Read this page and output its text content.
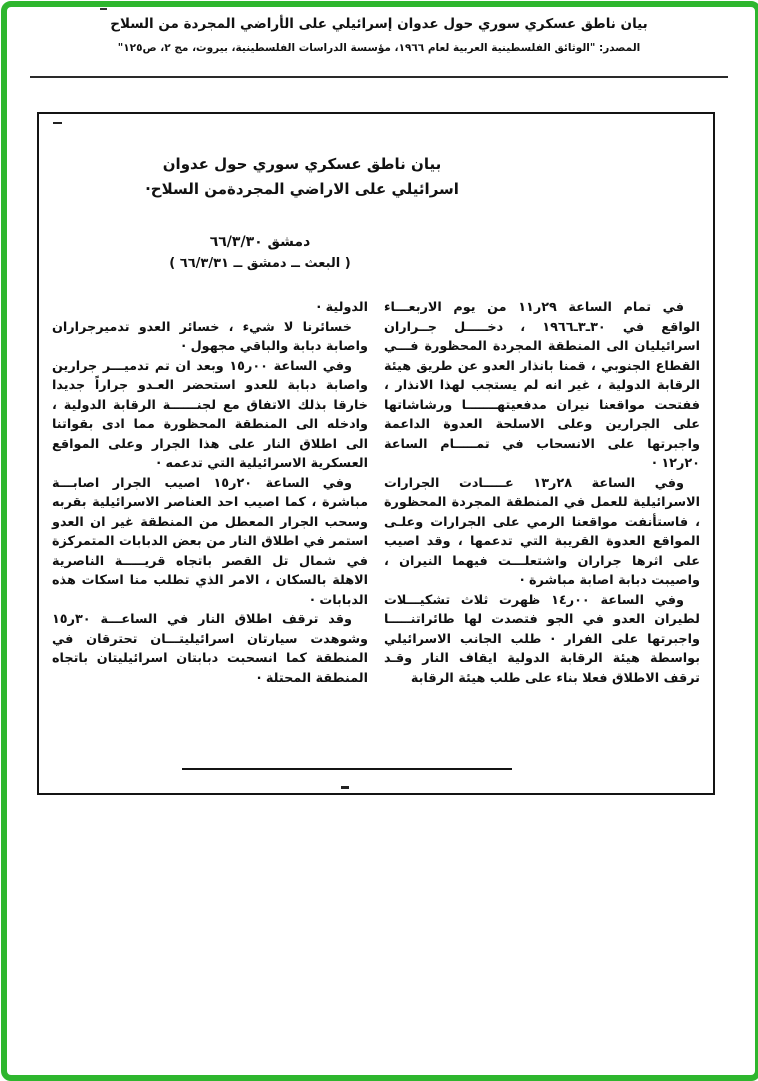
بيان ناطق عسكري سوري حول عدوان إسرائيلي على الأراضي المجردة من السلاح
المصدر: "الوثائق الفلسطينية العربية لعام ١٩٦٦، مؤسسة الدراسات الفلسطينية، بيروت، مج ٢، ص١٢٥"
بيان ناطق عسكري سوري حول عدوان
اسرائيلي على الاراضي المجردةمن السلاح·
دمشق ٦٦/٣/٣٠
( البعث ــ دمشق ــ ٦٦/٣/٣١ )

في تمام الساعة ٢٩ر١١ من يوم الاربعـــاء الواقع في ٣٠ـ٣ـ١٩٦٦ ، دخـــــل جــراران اسرائيليان الى المنطقة المجردة المحظورة فـــي القطاع الجنوبي ، قمنا بانذار العدو عن طريق هيئة الرقابة الدولية ، غير انه لم يستجب لهذا الانذار ، ففتحت مواقعنا نيران مدفعيتهـــــــا ورشاشاتها على الجرارين وعلى الاسلحة العدوة الداعمة واجبرتها على الانسحاب في تمـــــام الساعة ٢٠ر١٢ ·

وفي الساعة ٢٨ر١٣ عـــــادت الجرارات الاسرائيلية للعمل في المنطقة المجردة المحظورة ، فاستأنفت مواقعنا الرمي على الجرارات وعلـى المواقع العدوة القريبة التي تدعمها ، وقد اصيب على اثرها جراران واشتعلـــت فيهما النيران ، واصيبت دبابة اصابة مباشرة ·

وفي الساعة ٠٠ر١٤ ظهرت ثلاث تشكيـــلات لطيران العدو في الجو فتصدت لها طائراتنـــــا واجبرتها على الفرار · طلب الجانب الاسرائيلي بواسطة هيئة الرقابة الدولية ايقاف النار وقـد ترقف الاطلاق فعلا بناء على طلب هيئة الرقابة

الدولية ·

خسائرنا لا شيء ، خسائر العدو تدميرجراران واصابة دبابة والباقي مجهول ·

وفي الساعة ٠٠ر١٥ وبعد ان تم تدميـــر جرارين واصابة دبابة للعدو استحضر العـدو جراراً جديدا خارقا بذلك الاتفاق مع لجنــــــة الرقابة الدولية ، وادخله الى المنطقة المحظورة مما ادى بقواتنا الى اطلاق النار على هذا الجرار وعلى المواقع العسكرية الاسرائيلية التي تدعمه ·

وفي الساعة ٢٠ر١٥ اصيب الجرار اصابـــة مباشرة ، كما اصيب احد العناصر الاسرائيلية بقربه وسحب الجرار المعطل من المنطقة غير ان العدو استمر في اطلاق النار من بعض الدبابات المتمركزة في شمال تل القصر باتجاه قريـــــة الناصرية الاهلة بالسكان ، الامر الذي تطلب منا اسكات هذه الدبابات ·

وقد ترقف اطلاق النار في الساعـــة ٣٠ر١٥ وشوهدت سيارتان اسرائيليتـــان تحترقان في المنطقة كما انسحبت دبابتان اسرائيليتان باتجاه المنطقة المحتلة ·
